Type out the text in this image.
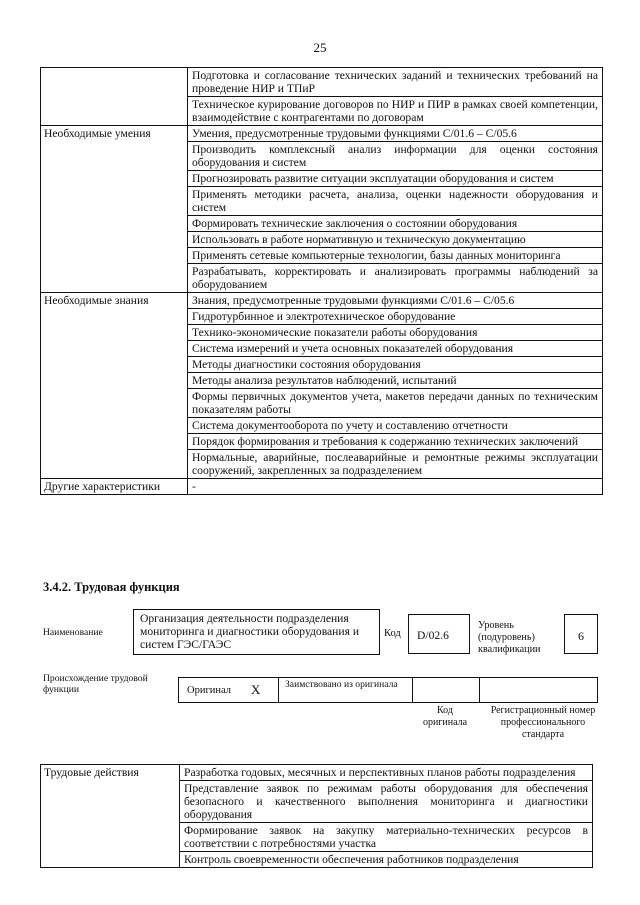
25
	Подготовка и согласование технических заданий и технических требований на проведение НИР и ТПиР
	Техническое курирование договоров по НИР и ПИР в рамках своей компетенции, взаимодействие с контрагентами по договорам
Необходимые умения	Умения, предусмотренные трудовыми функциями C/01.6 – C/05.6
	Производить комплексный анализ информации для оценки состояния оборудования и систем
	Прогнозировать развитие ситуации эксплуатации оборудования и систем
	Применять методики расчета, анализа, оценки надежности оборудования и систем
	Формировать технические заключения о состоянии оборудования
	Использовать в работе нормативную и техническую документацию
	Применять сетевые компьютерные технологии, базы данных мониторинга
	Разрабатывать, корректировать и анализировать программы наблюдений за оборудованием
Необходимые знания	Знания, предусмотренные трудовыми функциями C/01.6 – C/05.6
	Гидротурбинное и электротехническое оборудование
	Технико-экономические показатели работы оборудования
	Система измерений и учета основных показателей оборудования
	Методы диагностики состояния оборудования
	Методы анализа результатов наблюдений, испытаний
	Формы первичных документов учета, макетов передачи данных по техническим показателям работы
	Система документооборота по учету и составлению отчетности
	Порядок формирования и требования к содержанию технических заключений
	Нормальные, аварийные, послеаварийные и ремонтные режимы эксплуатации сооружений, закрепленных за подразделением
Другие характеристики	-
3.4.2. Трудовая функция
Наименование
Организация деятельности подразделения мониторинга и диагностики оборудования и систем ГЭС/ГАЭС
Код	D/02.6
Уровень (подуровень) квалификации
6
Происхождение трудовой функции	Оригинал X	Заимствовано из оригинала
Код оригинала
Регистрационный номер профессионального стандарта
Трудовые действия	Разработка годовых, месячных и перспективных планов работы подразделения
Представление заявок по режимам работы оборудования для обеспечения безопасного и качественного выполнения мониторинга и диагностики оборудования
Формирование заявок на закупку материально-технических ресурсов в соответствии с потребностями участка
Контроль своевременности обеспечения работников подразделения
